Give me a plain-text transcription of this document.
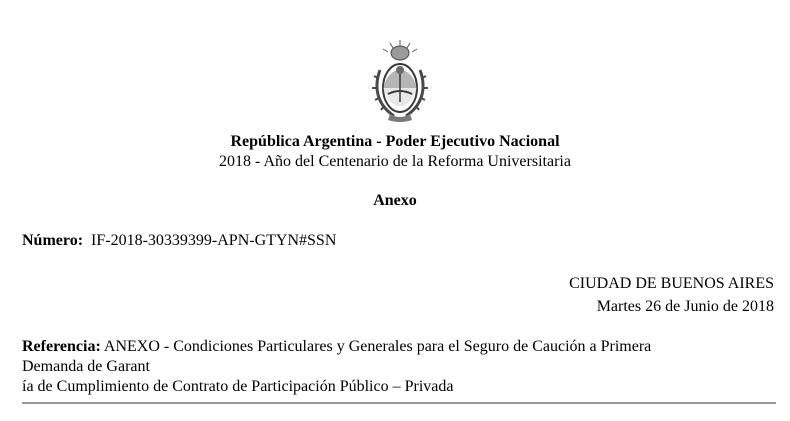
República Argentina - Poder Ejecutivo Nacional
2018 - Año del Centenario de la Reforma Universitaria
Anexo
Número: IF-2018-30339399-APN-GTYN#SSN
CIUDAD DE BUENOS AIRES
Martes 26 de Junio de 2018
Referencia: ANEXO - Condiciones Particulares y Generales para el Seguro de Caución a Primera
Demanda de Garant
ía de Cumplimiento de Contrato de Participación Público – Privada
